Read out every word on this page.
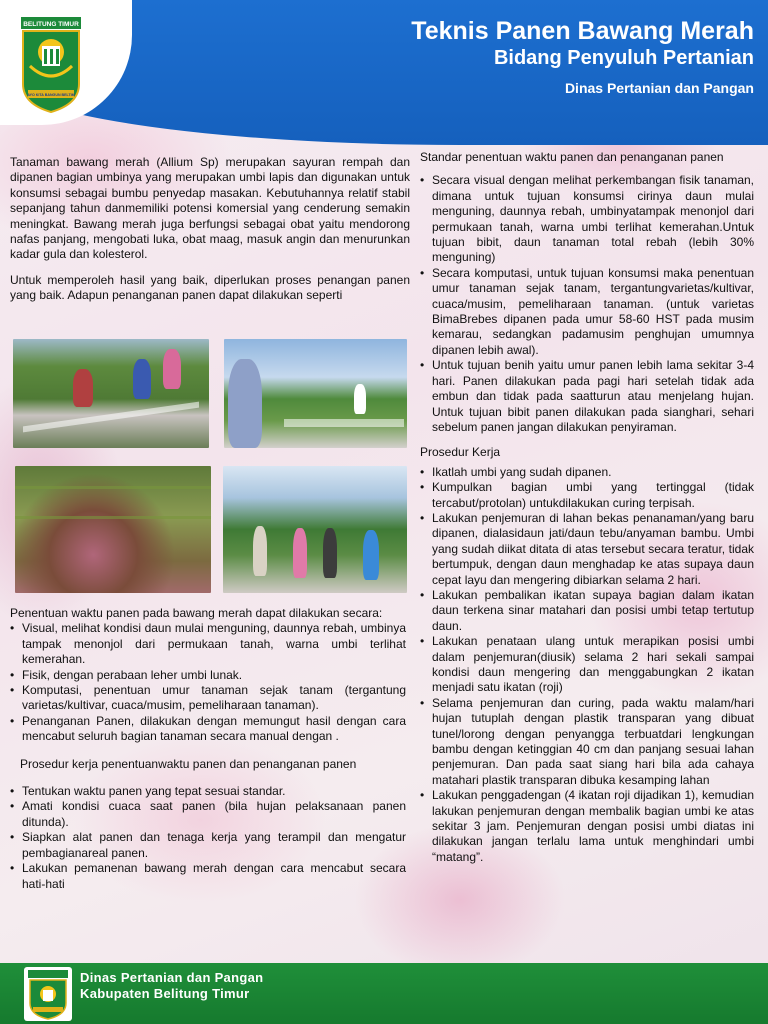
BELITUNG TIMUR
AYO KITA BANGUN BELTIM
Teknis Panen Bawang Merah
Bidang Penyuluh Pertanian
Dinas Pertanian dan Pangan

Tanaman bawang merah (Allium Sp) merupakan sayuran rempah dan dipanen bagian umbinya yang merupakan umbi lapis dan digunakan untuk konsumsi sebagai bumbu penyedap masakan. Kebutuhannya relatif stabil sepanjang tahun danmemiliki potensi komersial yang cenderung semakin meningkat. Bawang merah juga berfungsi sebagai obat yaitu mendorong nafas panjang, mengobati luka, obat maag, masuk angin dan menurunkan kadar gula dan kolesterol.

Untuk memperoleh hasil yang baik, diperlukan proses penangan panen yang baik. Adapun penanganan panen dapat dilakukan seperti

Penentuan waktu panen pada bawang merah dapat dilakukan secara:

• Visual, melihat kondisi daun mulai menguning, daunnya rebah, umbinya tampak menonjol dari permukaan tanah, warna umbi terlihat kemerahan.
• Fisik, dengan perabaan leher umbi lunak.
• Komputasi, penentuan umur tanaman sejak tanam (tergantung varietas/kultivar, cuaca/musim, pemeliharaan tanaman).
• Penanganan Panen, dilakukan dengan memungut hasil dengan cara mencabut seluruh bagian tanaman secara manual dengan .
Prosedur kerja penentuanwaktu panen dan penanganan panen
• Tentukan waktu panen yang tepat sesuai standar.
• Amati kondisi cuaca saat panen (bila hujan pelaksanaan panen ditunda).
• Siapkan alat panen dan tenaga kerja yang terampil dan mengatur pembagianareal panen.
• Lakukan pemanenan bawang merah dengan cara mencabut secara hati-hati
Standar penentuan waktu panen dan penanganan panen
• Secara visual dengan melihat perkembangan fisik tanaman, dimana untuk tujuan konsumsi cirinya daun mulai menguning, daunnya rebah, umbinyatampak menonjol dari permukaan tanah, warna umbi terlihat kemerahan.Untuk tujuan bibit, daun tanaman total rebah (lebih 30% menguning)
• Secara komputasi, untuk tujuan konsumsi maka penentuan umur tanaman sejak tanam, tergantungvarietas/kultivar, cuaca/musim, pemeliharaan tanaman. (untuk varietas BimaBrebes dipanen pada umur 58-60 HST pada musim kemarau, sedangkan padamusim penghujan umumnya dipanen lebih awal).
• Untuk tujuan benih yaitu umur panen lebih lama sekitar 3-4 hari. Panen dilakukan pada pagi hari setelah tidak ada embun dan tidak pada saatturun atau menjelang hujan. Untuk tujuan bibit panen dilakukan pada sianghari, sehari sebelum panen jangan dilakukan penyiraman.
Prosedur Kerja
• Ikatlah umbi yang sudah dipanen.
• Kumpulkan bagian umbi yang tertinggal (tidak tercabut/protolan) untukdilakukan curing terpisah.
• Lakukan penjemuran di lahan bekas penanaman/yang baru dipanen, dialasidaun jati/daun tebu/anyaman bambu. Umbi yang sudah diikat ditata di atas tersebut secara teratur, tidak bertumpuk, dengan daun menghadap ke atas supaya daun cepat layu dan mengering dibiarkan selama 2 hari.
• Lakukan pembalikan ikatan supaya bagian dalam ikatan daun terkena sinar matahari dan posisi umbi tetap tertutup daun.
• Lakukan penataan ulang untuk merapikan posisi umbi dalam penjemuran(diusik) selama 2 hari sekali sampai kondisi daun mengering dan menggabungkan 2 ikatan menjadi satu ikatan (roji)
• Selama penjemuran dan curing, pada waktu malam/hari hujan tutuplah dengan plastik transparan yang dibuat tunel/lorong dengan penyangga terbuatdari lengkungan bambu dengan ketinggian 40 cm dan panjang sesuai lahan penjemuran. Dan pada saat siang hari bila ada cahaya matahari plastik transparan dibuka kesamping lahan
• Lakukan penggadengan (4 ikatan roji dijadikan 1), kemudian lakukan penjemuran dengan membalik bagian umbi ke atas sekitar 3 jam. Penjemuran dengan posisi umbi diatas ini dilakukan jangan terlalu lama untuk menghindari umbi “matang”.
Dinas Pertanian dan Pangan
Kabupaten Belitung Timur
